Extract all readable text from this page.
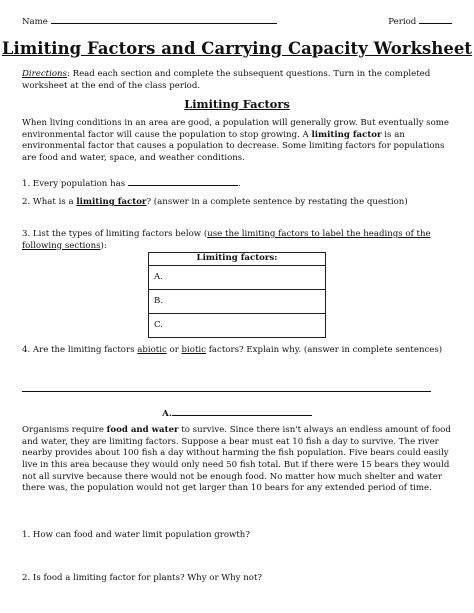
Name	Period
Limiting Factors and Carrying Capacity Worksheet

Directions: Read each section and complete the subsequent questions. Turn in the completed worksheet at the end of the class period.

Limiting Factors

When living conditions in an area are good, a population will generally grow. But eventually some environmental factor will cause the population to stop growing. A limiting factor is an environmental factor that causes a population to decrease. Some limiting factors for populations are food and water, space, and weather conditions.

1. Every population has	.

2. What is a limiting factor? (answer in a complete sentence by restating the question)

3. List the types of limiting factors below (use the limiting factors to label the headings of the following sections):

Limiting factors:
A.
B.
C.

4. Are the limiting factors abiotic or biotic factors? Explain why. (answer in complete sentences)

A.

Organisms require food and water to survive. Since there isn't always an endless amount of food and water, they are limiting factors. Suppose a bear must eat 10 fish a day to survive. The river nearby provides about 100 fish a day without harming the fish population. Five bears could easily live in this area because they would only need 50 fish total. But if there were 15 bears they would not all survive because there would not be enough food. No matter how much shelter and water there was, the population would not get larger than 10 bears for any extended period of time.

1. How can food and water limit population growth?

2. Is food a limiting factor for plants? Why or Why not?
